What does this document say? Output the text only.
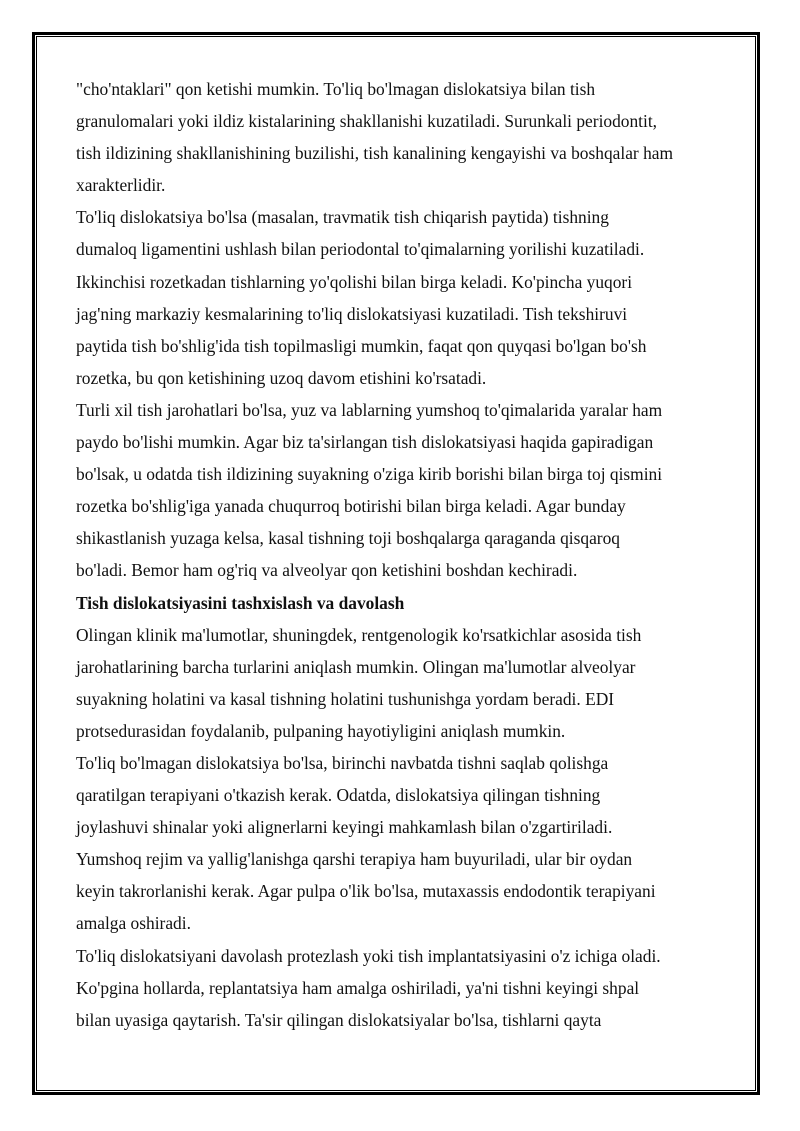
"cho'ntaklari" qon ketishi mumkin. To'liq bo'lmagan dislokatsiya bilan tish
granulomalari yoki ildiz kistalarining shakllanishi kuzatiladi. Surunkali periodontit,
tish ildizining shakllanishining buzilishi, tish kanalining kengayishi va boshqalar ham
xarakterlidir.
To'liq dislokatsiya bo'lsa (masalan, travmatik tish chiqarish paytida) tishning
dumaloq ligamentini ushlash bilan periodontal to'qimalarning yorilishi kuzatiladi.
Ikkinchisi rozetkadan tishlarning yo'qolishi bilan birga keladi. Ko'pincha yuqori
jag'ning markaziy kesmalarining to'liq dislokatsiyasi kuzatiladi. Tish tekshiruvi
paytida tish bo'shlig'ida tish topilmasligi mumkin, faqat qon quyqasi bo'lgan bo'sh
rozetka, bu qon ketishining uzoq davom etishini ko'rsatadi.
Turli xil tish jarohatlari bo'lsa, yuz va lablarning yumshoq to'qimalarida yaralar ham
paydo bo'lishi mumkin. Agar biz ta'sirlangan tish dislokatsiyasi haqida gapiradigan
bo'lsak, u odatda tish ildizining suyakning o'ziga kirib borishi bilan birga toj qismini
rozetka bo'shlig'iga yanada chuqurroq botirishi bilan birga keladi. Agar bunday
shikastlanish yuzaga kelsa, kasal tishning toji boshqalarga qaraganda qisqaroq
bo'ladi. Bemor ham og'riq va alveolyar qon ketishini boshdan kechiradi.
Tish dislokatsiyasini tashxislash va davolash
Olingan klinik ma'lumotlar, shuningdek, rentgenologik ko'rsatkichlar asosida tish
jarohatlarining barcha turlarini aniqlash mumkin. Olingan ma'lumotlar alveolyar
suyakning holatini va kasal tishning holatini tushunishga yordam beradi. EDI
protsedurasidan foydalanib, pulpaning hayotiyligini aniqlash mumkin.
To'liq bo'lmagan dislokatsiya bo'lsa, birinchi navbatda tishni saqlab qolishga
qaratilgan terapiyani o'tkazish kerak. Odatda, dislokatsiya qilingan tishning
joylashuvi shinalar yoki alignerlarni keyingi mahkamlash bilan o'zgartiriladi.
Yumshoq rejim va yallig'lanishga qarshi terapiya ham buyuriladi, ular bir oydan
keyin takrorlanishi kerak. Agar pulpa o'lik bo'lsa, mutaxassis endodontik terapiyani
amalga oshiradi.
To'liq dislokatsiyani davolash protezlash yoki tish implantatsiyasini o'z ichiga oladi.
Ko'pgina hollarda, replantatsiya ham amalga oshiriladi, ya'ni tishni keyingi shpal
bilan uyasiga qaytarish. Ta'sir qilingan dislokatsiyalar bo'lsa, tishlarni qayta
